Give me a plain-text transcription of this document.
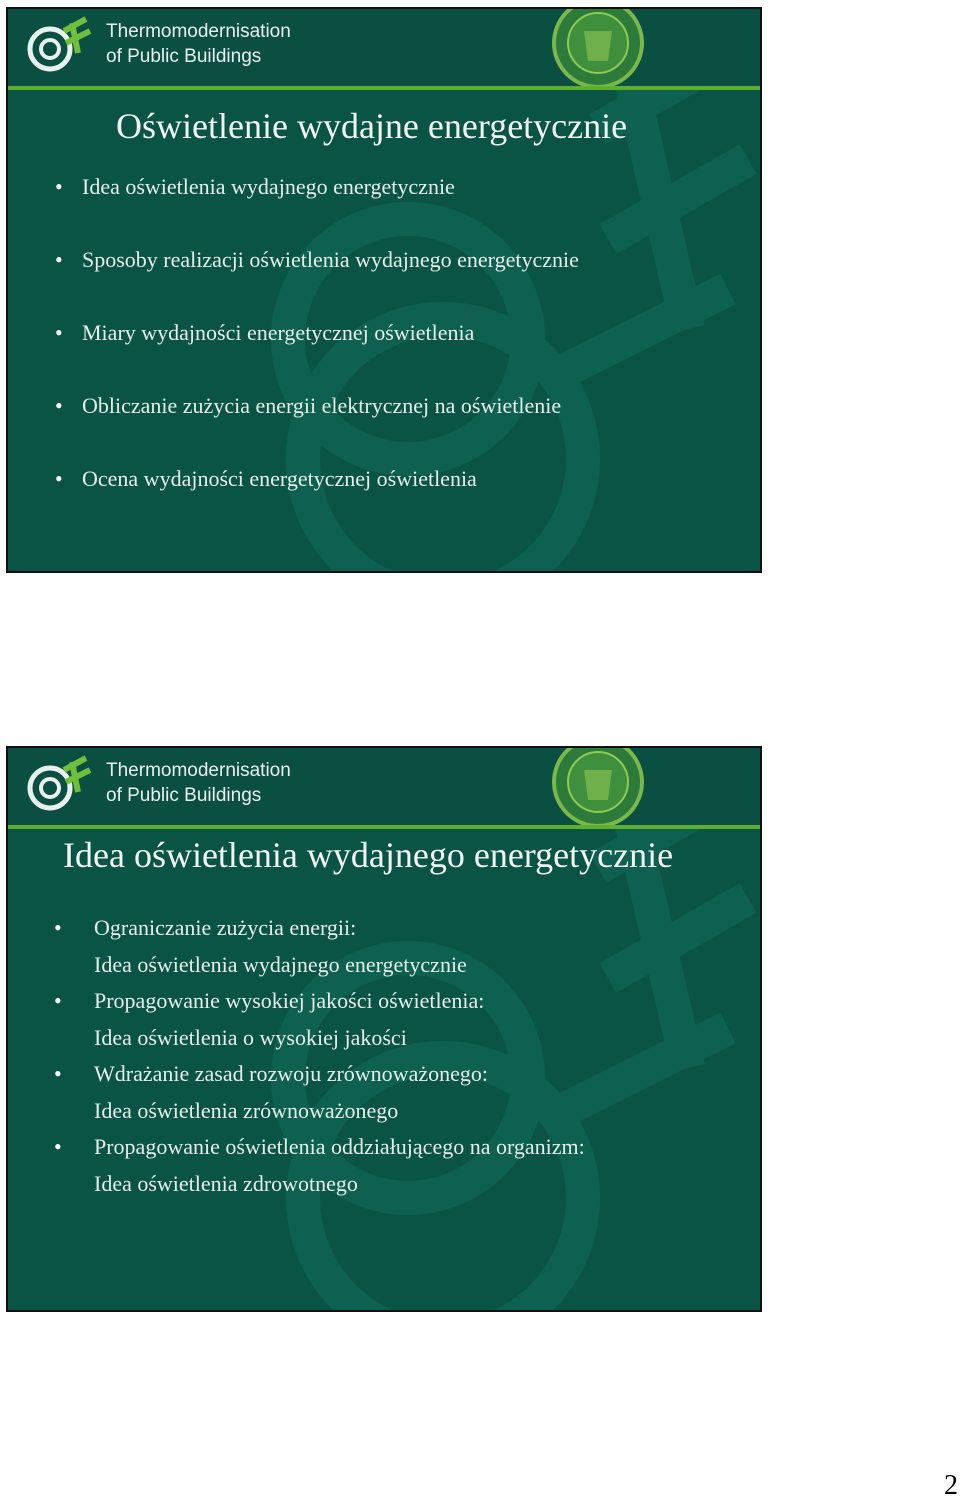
Thermomodernisation
of Public Buildings
Oświetlenie wydajne energetycznie
• Idea oświetlenia wydajnego energetycznie
• Sposoby realizacji oświetlenia wydajnego energetycznie
• Miary wydajności energetycznej oświetlenia
• Obliczanie zużycia energii elektrycznej na oświetlenie
• Ocena wydajności energetycznej oświetlenia
Thermomodernisation
of Public Buildings
Idea oświetlenia wydajnego energetycznie
• Ograniczanie zużycia energii:
Idea oświetlenia wydajnego energetycznie
• Propagowanie wysokiej jakości oświetlenia:
Idea oświetlenia o wysokiej jakości
• Wdrażanie zasad rozwoju zrównoważonego:
Idea oświetlenia zrównoważonego
• Propagowanie oświetlenia oddziałującego na organizm:
Idea oświetlenia zdrowotnego
2
